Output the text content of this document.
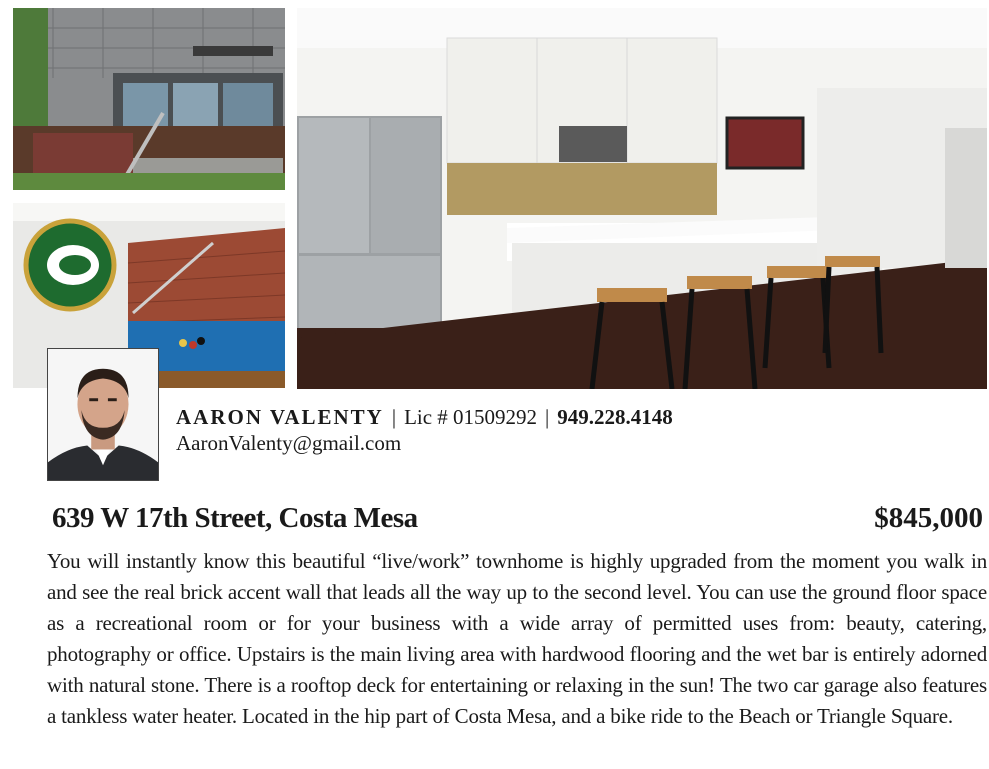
AARON VALENTY | Lic # 01509292 | 949.228.4148
AaronValenty@gmail.com
639 W 17th Street, Costa Mesa	$845,000
You will instantly know this beautiful “live/work” townhome is highly upgraded from the moment you walk in and see the real brick accent wall that leads all the way up to the second level. You can use the ground floor space as a recreational room or for your business with a wide array of permitted uses from: beauty, catering, photography or office. Upstairs is the main living area with hardwood flooring and the wet bar is entirely adorned with natural stone. There is a rooftop deck for entertaining or relaxing in the sun! The two car garage also features a tankless water heater. Located in the hip part of Costa Mesa, and a bike ride to the Beach or Triangle Square.
